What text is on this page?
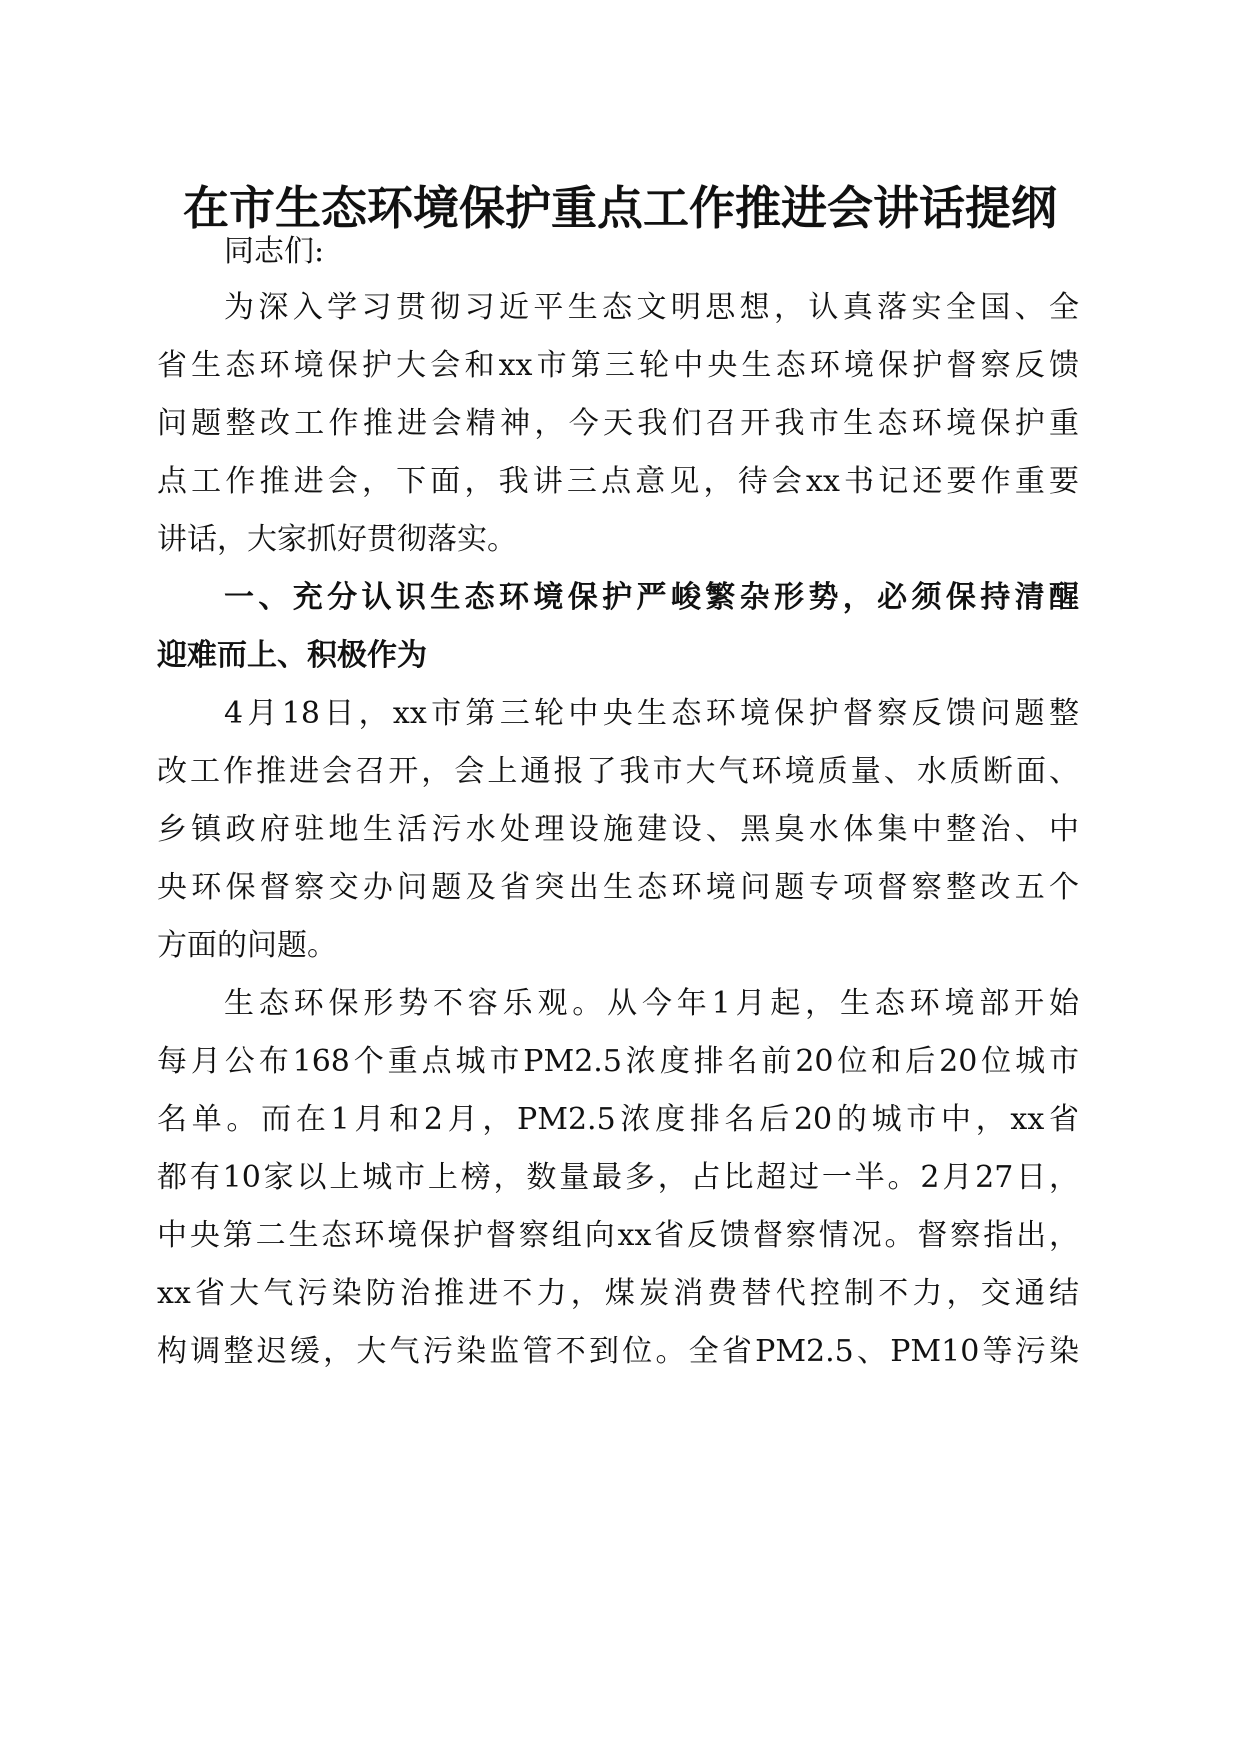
在市生态环境保护重点工作推进会讲话提纲
同志们:
为深入学习贯彻习近平生态文明思想，认真落实全国、全
省生态环境保护大会和xx市第三轮中央生态环境保护督察反馈
问题整改工作推进会精神，今天我们召开我市生态环境保护重
点工作推进会，下面，我讲三点意见，待会xx书记还要作重要
讲话，大家抓好贯彻落实。
一、充分认识生态环境保护严峻繁杂形势，必须保持清醒
迎难而上、积极作为
4月18日，xx市第三轮中央生态环境保护督察反馈问题整
改工作推进会召开，会上通报了我市大气环境质量、水质断面、
乡镇政府驻地生活污水处理设施建设、黑臭水体集中整治、中
央环保督察交办问题及省突出生态环境问题专项督察整改五个
方面的问题。
生态环保形势不容乐观。从今年1月起，生态环境部开始
每月公布168个重点城市PM2.5浓度排名前20位和后20位城市
名单。而在1月和2月，PM2.5浓度排名后20的城市中，xx省
都有10家以上城市上榜，数量最多，占比超过一半。2月27日，
中央第二生态环境保护督察组向xx省反馈督察情况。督察指出，
xx省大气污染防治推进不力，煤炭消费替代控制不力，交通结
构调整迟缓，大气污染监管不到位。全省PM2.5、PM10等污染
